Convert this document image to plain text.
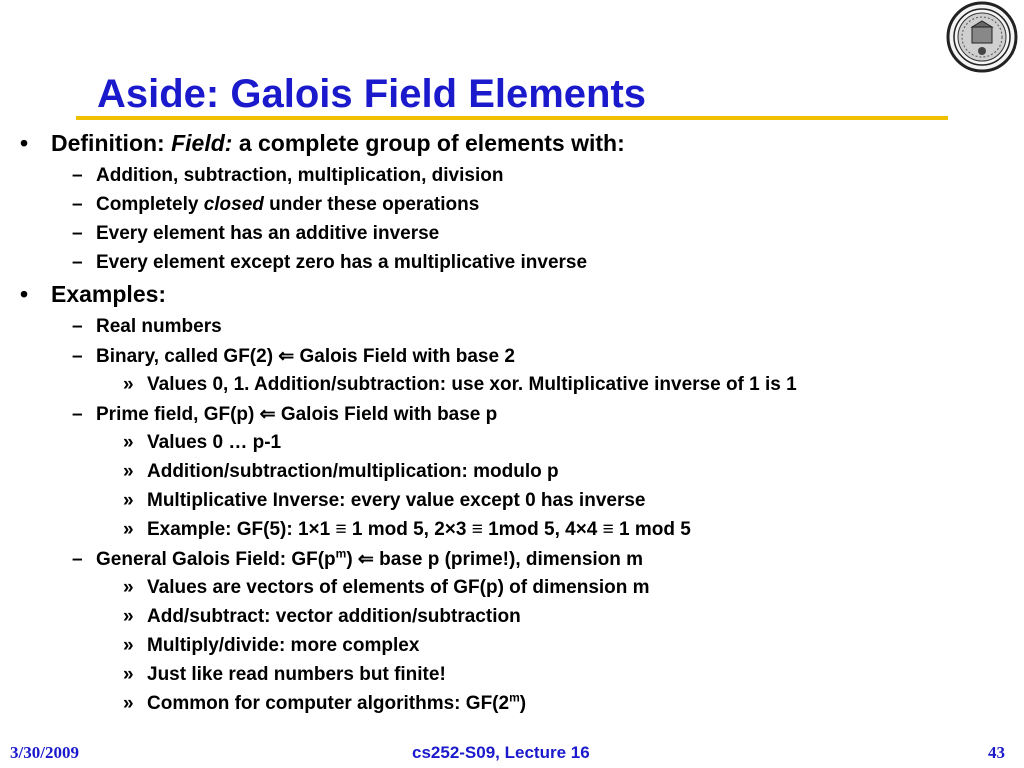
Aside: Galois Field Elements
• Definition: Field: a complete group of elements with:
– Addition, subtraction, multiplication, division
– Completely closed under these operations
– Every element has an additive inverse
– Every element except zero has a multiplicative inverse
• Examples:
– Real numbers
– Binary, called GF(2) ⇐ Galois Field with base 2
» Values 0, 1. Addition/subtraction: use xor. Multiplicative inverse of 1 is 1
– Prime field, GF(p) ⇐ Galois Field with base p
» Values 0 … p-1
» Addition/subtraction/multiplication: modulo p
» Multiplicative Inverse: every value except 0 has inverse
» Example: GF(5): 1×1 ≡ 1 mod 5, 2×3 ≡ 1mod 5, 4×4 ≡ 1 mod 5
– General Galois Field: $GF(p^m)$ ⇐ base p (prime!), dimension m
» Values are vectors of elements of GF(p) of dimension m
» Add/subtract: vector addition/subtraction
» Multiply/divide: more complex
» Just like read numbers but finite!
» Common for computer algorithms: GF(2$^m$)
3/30/2009	cs252-S09, Lecture 16	43
